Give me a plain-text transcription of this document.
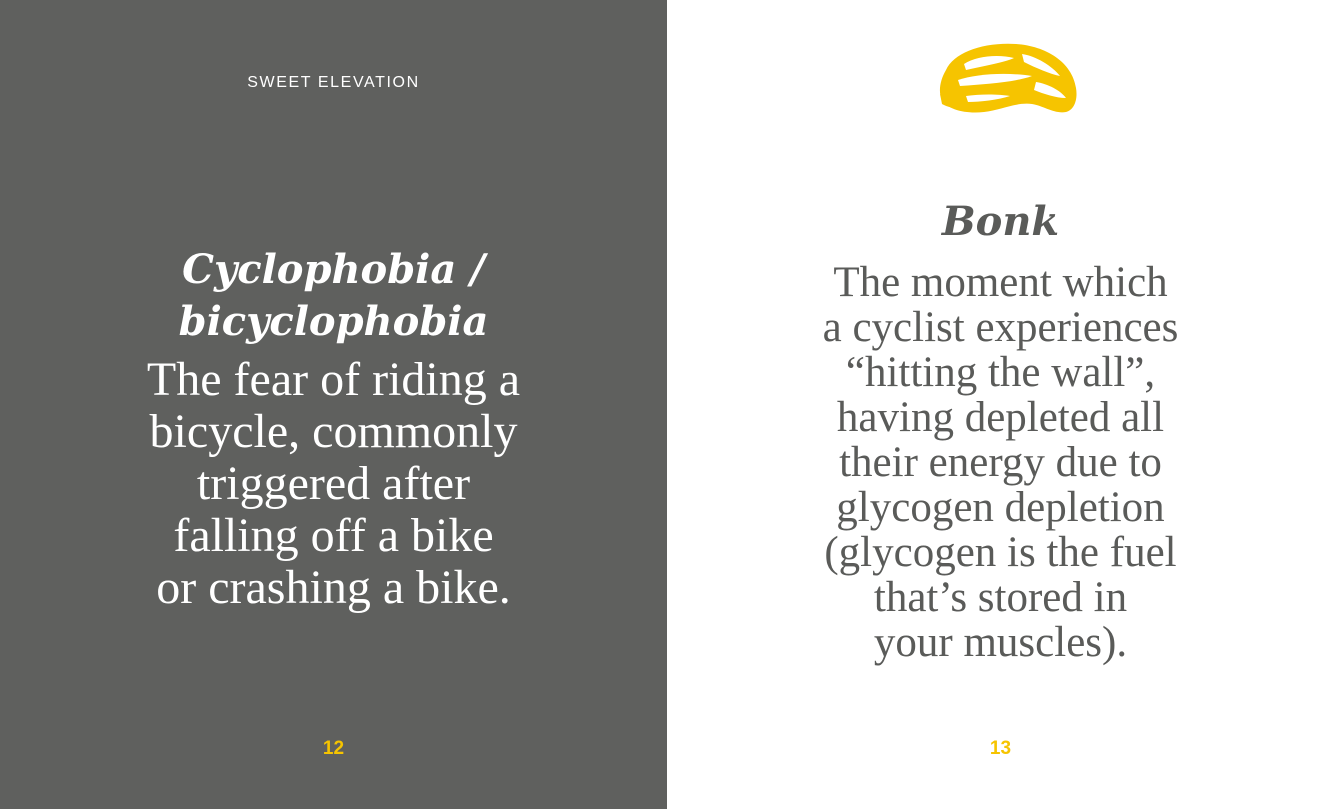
SWEET ELEVATION
Cyclophobia /
bicyclophobia

The fear of riding a
bicycle, commonly
triggered after
falling off a bike
or crashing a bike.

12
Bonk

The moment which
a cyclist experiences
“hitting the wall”,
having depleted all
their energy due to
glycogen depletion
(glycogen is the fuel
that’s stored in
your muscles).

13
